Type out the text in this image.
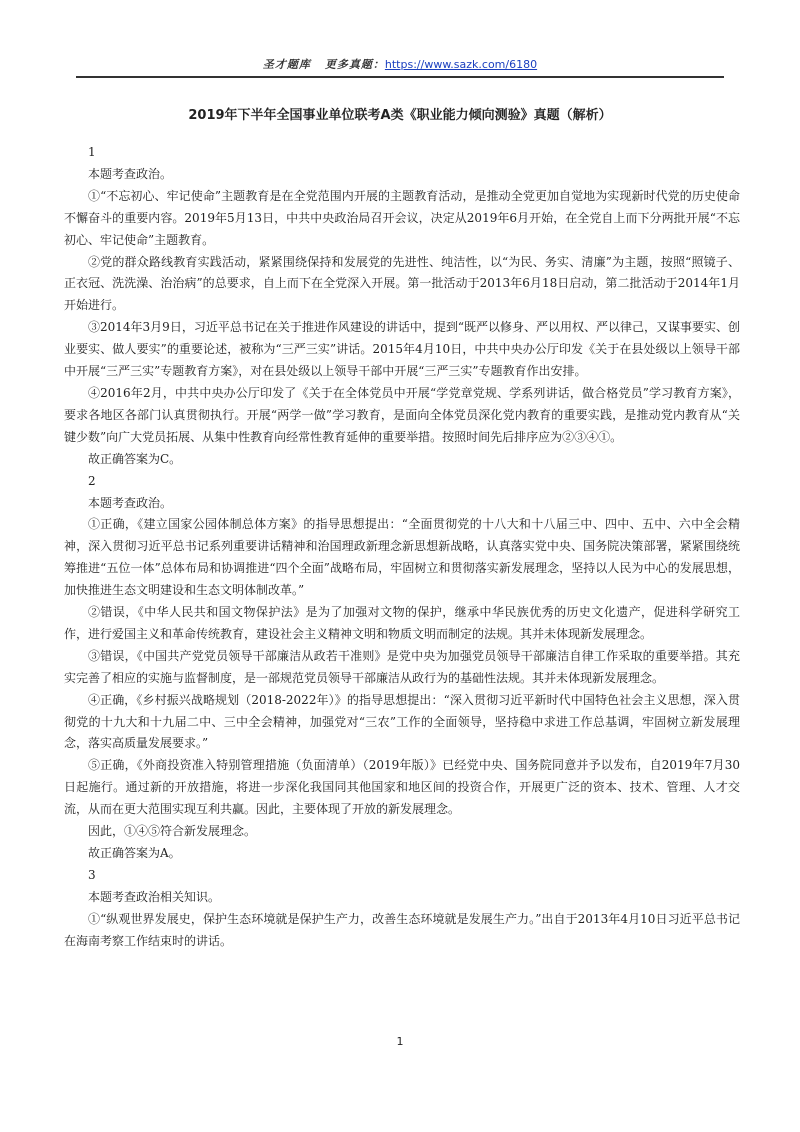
圣才题库 更多真题：https://www.sazk.com/6180
2019年下半年全国事业单位联考A类《职业能力倾向测验》真题（解析）

1

本题考查政治。

①“不忘初心、牢记使命”主题教育是在全党范围内开展的主题教育活动，是推动全党更加自觉地为实现新时代党的历史使命不懈奋斗的重要内容。2019年5月13日，中共中央政治局召开会议，决定从2019年6月开始，在全党自上而下分两批开展“不忘初心、牢记使命”主题教育。

②党的群众路线教育实践活动，紧紧围绕保持和发展党的先进性、纯洁性，以“为民、务实、清廉”为主题，按照“照镜子、正衣冠、洗洗澡、治治病”的总要求，自上而下在全党深入开展。第一批活动于2013年6月18日启动，第二批活动于2014年1月开始进行。

③2014年3月9日，习近平总书记在关于推进作风建设的讲话中，提到“既严以修身、严以用权、严以律己，又谋事要实、创业要实、做人要实”的重要论述，被称为“三严三实”讲话。2015年4月10日，中共中央办公厅印发《关于在县处级以上领导干部中开展“三严三实”专题教育方案》，对在县处级以上领导干部中开展“三严三实”专题教育作出安排。

④2016年2月，中共中央办公厅印发了《关于在全体党员中开展“学党章党规、学系列讲话，做合格党员”学习教育方案》，要求各地区各部门认真贯彻执行。开展“两学一做”学习教育，是面向全体党员深化党内教育的重要实践，是推动党内教育从“关键少数”向广大党员拓展、从集中性教育向经常性教育延伸的重要举措。按照时间先后排序应为②③④①。

故正确答案为C。

2

本题考查政治。

①正确，《建立国家公园体制总体方案》的指导思想提出：“全面贯彻党的十八大和十八届三中、四中、五中、六中全会精神，深入贯彻习近平总书记系列重要讲话精神和治国理政新理念新思想新战略，认真落实党中央、国务院决策部署，紧紧围绕统筹推进“五位一体”总体布局和协调推进“四个全面”战略布局，牢固树立和贯彻落实新发展理念，坚持以人民为中心的发展思想，加快推进生态文明建设和生态文明体制改革。”

②错误，《中华人民共和国文物保护法》是为了加强对文物的保护，继承中华民族优秀的历史文化遗产，促进科学研究工作，进行爱国主义和革命传统教育，建设社会主义精神文明和物质文明而制定的法规。其并未体现新发展理念。

③错误，《中国共产党党员领导干部廉洁从政若干准则》是党中央为加强党员领导干部廉洁自律工作采取的重要举措。其充实完善了相应的实施与监督制度，是一部规范党员领导干部廉洁从政行为的基础性法规。其并未体现新发展理念。

④正确，《乡村振兴战略规划（2018-2022年）》的指导思想提出：“深入贯彻习近平新时代中国特色社会主义思想，深入贯彻党的十九大和十九届二中、三中全会精神，加强党对“三农”工作的全面领导，坚持稳中求进工作总基调，牢固树立新发展理念，落实高质量发展要求。”

⑤正确，《外商投资准入特别管理措施（负面清单）（2019年版）》已经党中央、国务院同意并予以发布，自2019年7月30日起施行。通过新的开放措施，将进一步深化我国同其他国家和地区间的投资合作，开展更广泛的资本、技术、管理、人才交流，从而在更大范围实现互利共赢。因此，主要体现了开放的新发展理念。

因此，①④⑤符合新发展理念。

故正确答案为A。

3

本题考查政治相关知识。

①“纵观世界发展史，保护生态环境就是保护生产力，改善生态环境就是发展生产力。”出自于2013年4月10日习近平总书记在海南考察工作结束时的讲话。

1
